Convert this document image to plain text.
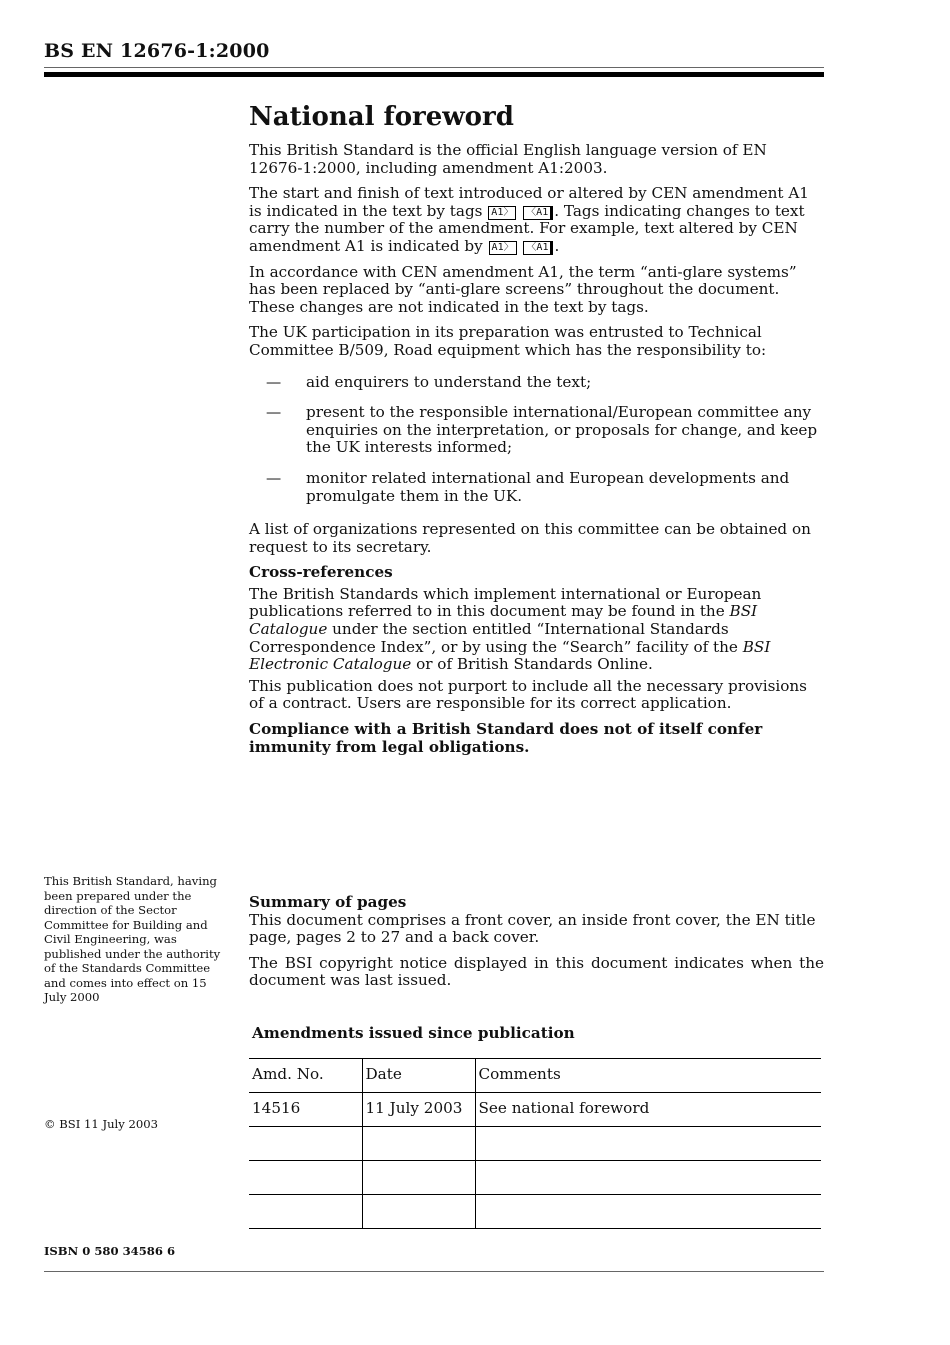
BS EN 12676-1:2000
National foreword

This British Standard is the official English language version of EN 12676-1:2000, including amendment A1:2003.

The start and finish of text introduced or altered by CEN amendment A1 is indicated in the text by tags A1 〉	〈 A1 . Tags indicating changes to text carry the number of the amendment. For example, text altered by CEN amendment A1 is indicated by A1 〉	〈 A1 .

In accordance with CEN amendment A1, the term “anti-glare systems” has been replaced by “anti-glare screens” throughout the document. These changes are not indicated in the text by tags.

The UK participation in its preparation was entrusted to Technical Committee B/509, Road equipment which has the responsibility to:

— aid enquirers to understand the text;
— present to the responsible international/European committee any enquiries on the interpretation, or proposals for change, and keep the UK interests informed;
— monitor related international and European developments and promulgate them in the UK.

A list of organizations represented on this committee can be obtained on request to its secretary.

Cross-references

The British Standards which implement international or European publications referred to in this document may be found in the BSI Catalogue under the section entitled “International Standards Correspondence Index”, or by using the “Search” facility of the BSI Electronic Catalogue or of British Standards Online.

This publication does not purport to include all the necessary provisions of a contract. Users are responsible for its correct application.

Compliance with a British Standard does not of itself confer immunity from legal obligations.

This British Standard, having been prepared under the direction of the Sector Committee for Building and Civil Engineering, was published under the authority of the Standards Committee and comes into effect on 15 July 2000
Summary of pages

This document comprises a front cover, an inside front cover, the EN title page, pages 2 to 27 and a back cover.

The BSI copyright notice displayed in this document indicates when the document was last issued.

Amendments issued since publication
Amd. No.	Date	Comments
14516	11 July 2003	See national foreword

© BSI 11 July 2003
ISBN 0 580 34586 6
